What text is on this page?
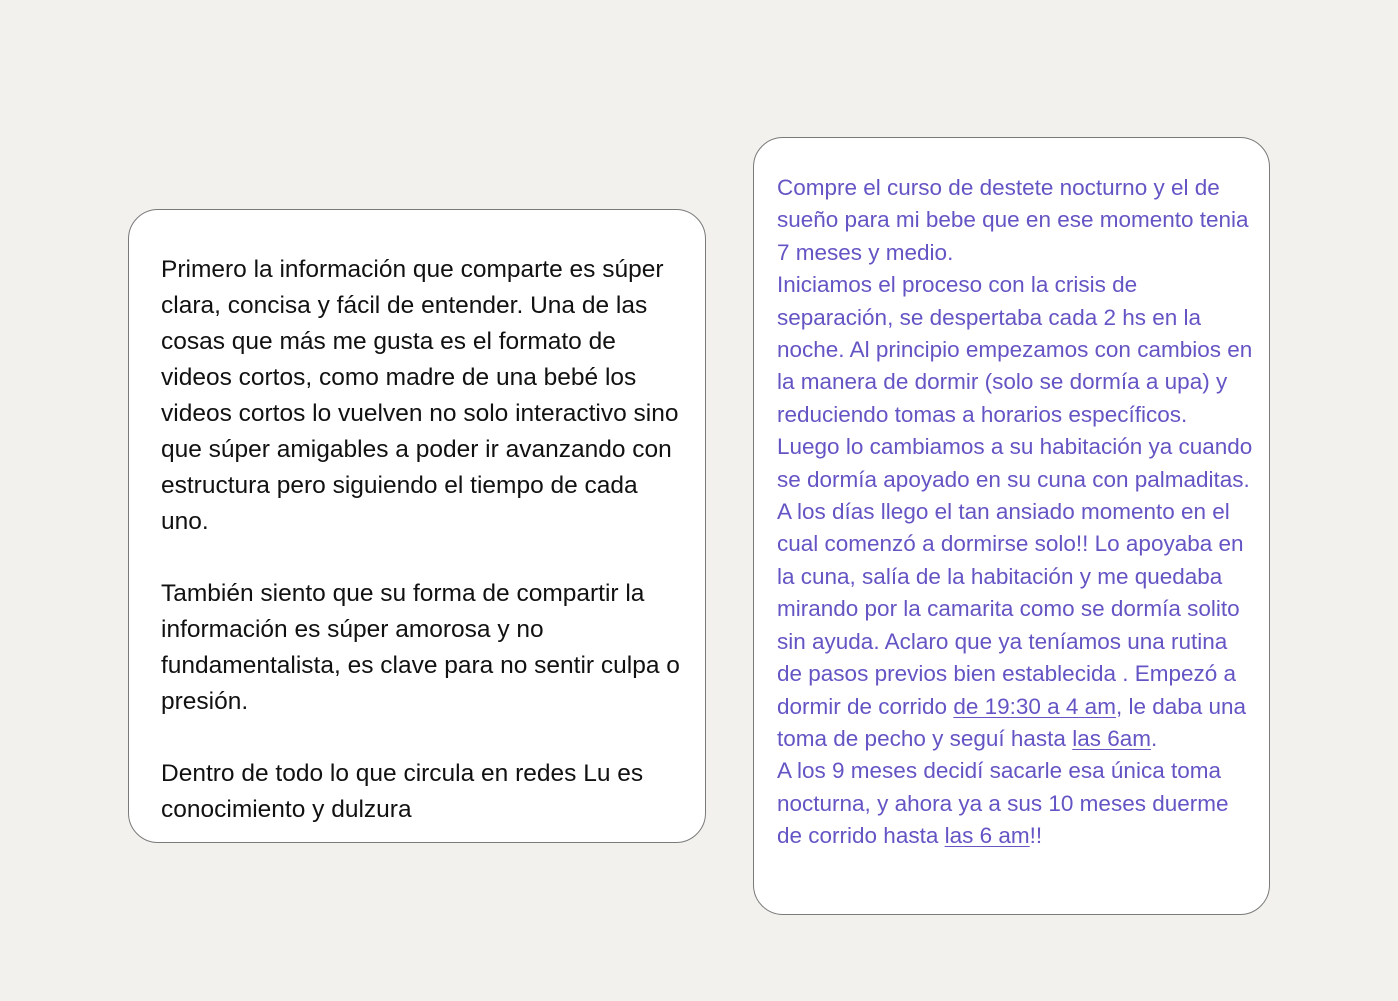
Primero la información que comparte es súper clara, concisa y fácil de entender. Una de las cosas que más me gusta es el formato de videos cortos, como madre de una bebé los videos cortos lo vuelven no solo interactivo sino que súper amigables a poder ir avanzando con estructura pero siguiendo el tiempo de cada uno.

También siento que su forma de compartir la información es súper amorosa y no fundamentalista, es clave para no sentir culpa o presión.

Dentro de todo lo que circula en redes Lu es conocimiento y dulzura

Compre el curso de destete nocturno y el de sueño para mi bebe que en ese momento tenia 7 meses y medio.

Iniciamos el proceso con la crisis de separación, se despertaba cada 2 hs en la noche. Al principio empezamos con cambios en la manera de dormir (solo se dormía a upa) y reduciendo tomas a horarios específicos. Luego lo cambiamos a su habitación ya cuando se dormía apoyado en su cuna con palmaditas. A los días llego el tan ansiado momento en el cual comenzó a dormirse solo!! Lo apoyaba en la cuna, salía de la habitación y me quedaba mirando por la camarita como se dormía solito sin ayuda. Aclaro que ya teníamos una rutina de pasos previos bien establecida . Empezó a dormir de corrido de 19:30 a 4 am, le daba una toma de pecho y seguí hasta las 6am.

A los 9 meses decidí sacarle esa única toma nocturna, y ahora ya a sus 10 meses duerme de corrido hasta las 6 am!!
